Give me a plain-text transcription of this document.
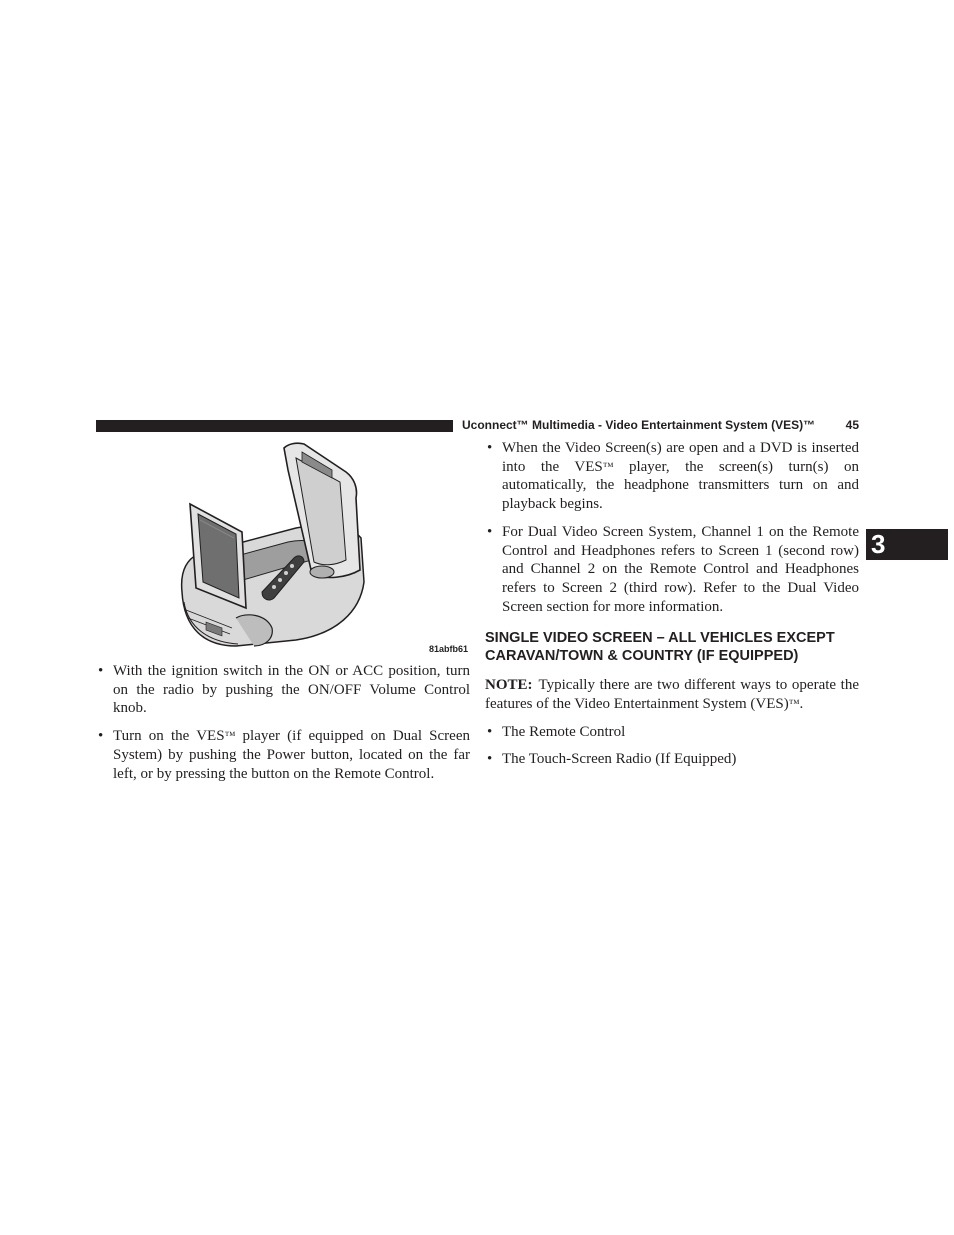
Uconnect™ Multimedia - Video Entertainment System (VES)™	45
3
81abfb61
• With the ignition switch in the ON or ACC position, turn on the radio by pushing the ON/OFF Volume Control knob.
• Turn on the VES™ player (if equipped on Dual Screen System) by pushing the Power button, located on the far left, or by pressing the button on the Remote Control.
• When the Video Screen(s) are open and a DVD is inserted into the VES™ player, the screen(s) turn(s) on automatically, the headphone transmitters turn on and playback begins.
• For Dual Video Screen System, Channel 1 on the Remote Control and Headphones refers to Screen 1 (second row) and Channel 2 on the Remote Control and Headphones refers to Screen 2 (third row). Refer to the Dual Video Screen section for more information.
SINGLE VIDEO SCREEN – ALL VEHICLES EXCEPT CARAVAN/TOWN & COUNTRY (IF EQUIPPED)
NOTE: Typically there are two different ways to operate the features of the Video Entertainment System (VES)™.
• The Remote Control
• The Touch-Screen Radio (If Equipped)
